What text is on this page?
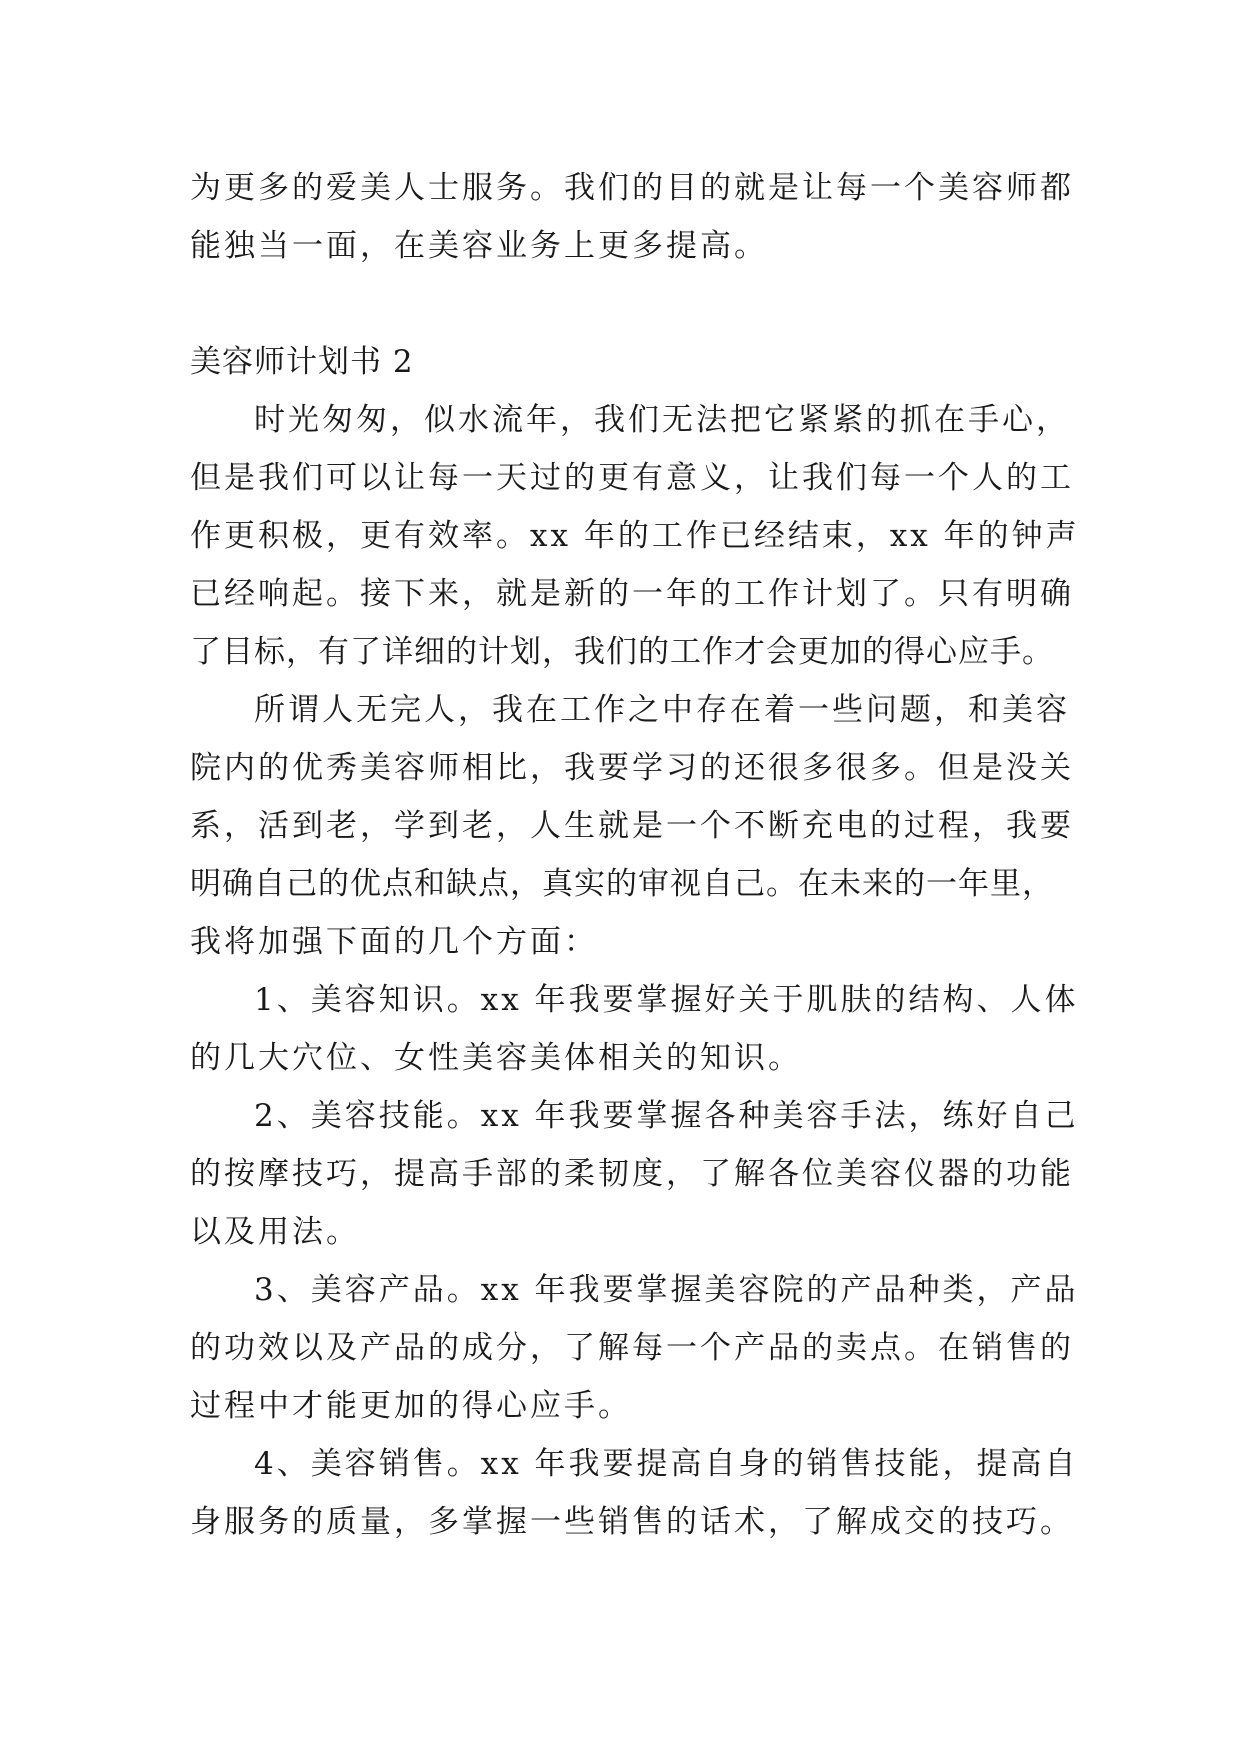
为更多的爱美人士服务。我们的目的就是让每一个美容师都

能独当一面，在美容业务上更多提高。

美容师计划书 2

时光匆匆，似水流年，我们无法把它紧紧的抓在手心，

但是我们可以让每一天过的更有意义，让我们每一个人的工

作更积极，更有效率。xx 年的工作已经结束，xx 年的钟声

已经响起。接下来，就是新的一年的工作计划了。只有明确

了目标，有了详细的计划，我们的工作才会更加的得心应手。

所谓人无完人，我在工作之中存在着一些问题，和美容

院内的优秀美容师相比，我要学习的还很多很多。但是没关

系，活到老，学到老，人生就是一个不断充电的过程，我要

明确自己的优点和缺点，真实的审视自己。在未来的一年里，

我将加强下面的几个方面：

1、美容知识。xx 年我要掌握好关于肌肤的结构、人体

的几大穴位、女性美容美体相关的知识。

2、美容技能。xx 年我要掌握各种美容手法，练好自己

的按摩技巧，提高手部的柔韧度，了解各位美容仪器的功能

以及用法。

3、美容产品。xx 年我要掌握美容院的产品种类，产品

的功效以及产品的成分，了解每一个产品的卖点。在销售的

过程中才能更加的得心应手。

4、美容销售。xx 年我要提高自身的销售技能，提高自

身服务的质量，多掌握一些销售的话术，了解成交的技巧。
